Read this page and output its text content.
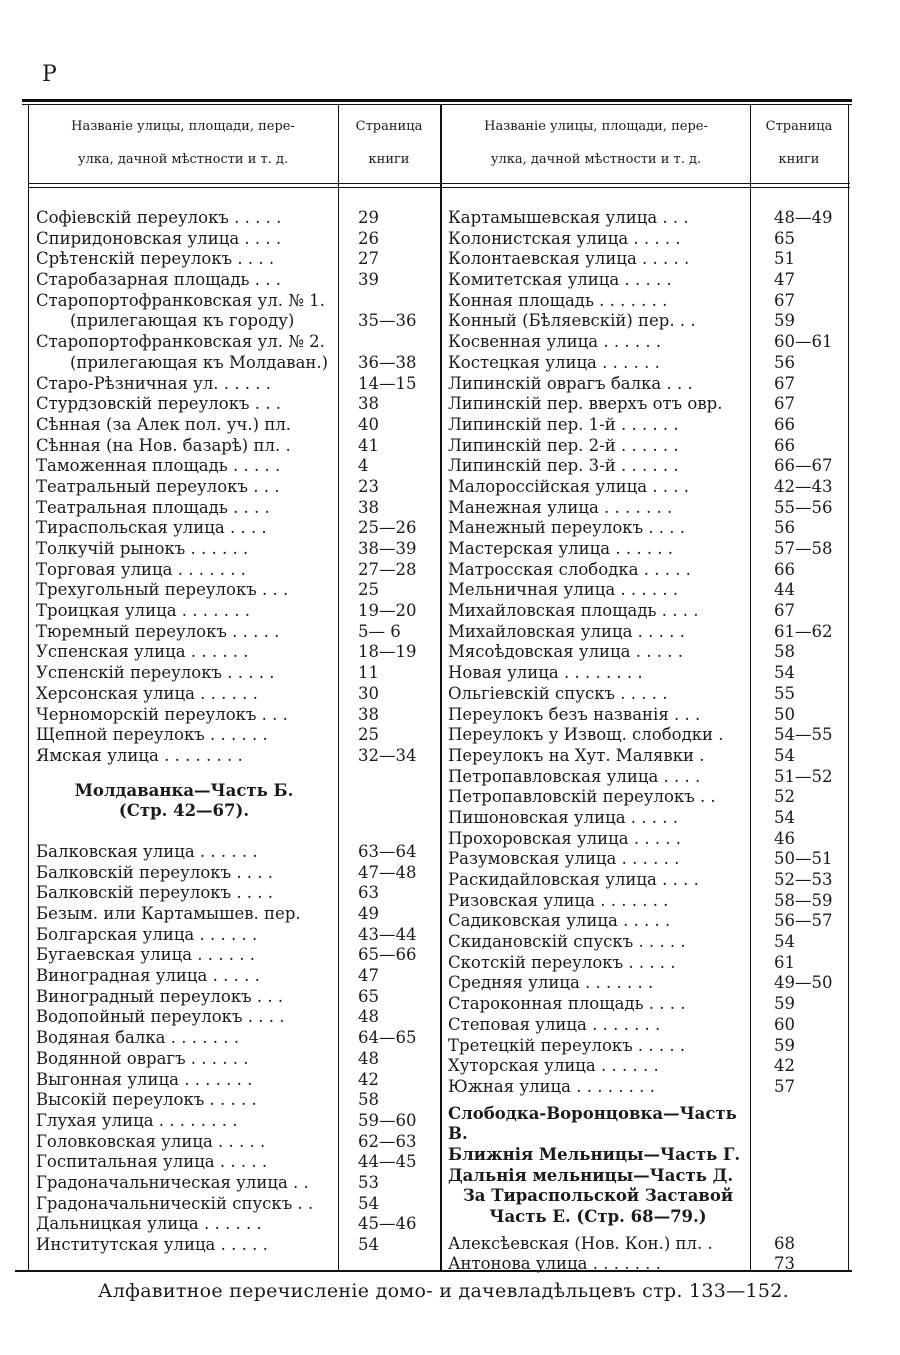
P
Названіе улицы, площади, пере-
улка, дачной мѣстности и т. д.
Страница
книги
Названіе улицы, площади, пере-
улка, дачной мѣстности и т. д.
Страница
книги
Софіевскій переулокъ . . . . .	29
Спиридоновская улица . . . .	26
Срѣтенскій переулокъ . . . .	27
Старобазарная площадь . . .	39
Старопортофранковская ул. № 1.
(прилегающая къ городу)	35—36
Старопортофранковская ул. № 2.
(прилегающая къ Молдаван.)	36—38
Старо-Рѣзничная ул. . . . . .	14—15
Стурдзовскій переулокъ . . .	38
Сѣнная (за Алек пол. уч.) пл.	40
Сѣнная (на Нов. базарѣ) пл. .	41
Таможенная площадь . . . . .	4
Театральный переулокъ . . .	23
Театральная площадь . . . .	38
Тираспольская улица . . . .	25—26
Толкучій рынокъ . . . . . .	38—39
Торговая улица . . . . . . .	27—28
Трехугольный переулокъ . . .	25
Троицкая улица . . . . . . .	19—20
Тюремный переулокъ . . . . .	5— 6
Успенская улица . . . . . .	18—19
Успенскій переулокъ . . . . .	11
Херсонская улица . . . . . .	30
Черноморскій переулокъ . . .	38
Щепной переулокъ . . . . . .	25
Ямская улица . . . . . . . .	32—34
Молдаванка—Часть Б.
(Стр. 42—67).
Балковская улица . . . . . .	63—64
Балковскій переулокъ . . . .	47—48
Балковскій переулокъ . . . .	63
Безым. или Картамышев. пер.	49
Болгарская улица . . . . . .	43—44
Бугаевская улица . . . . . .	65—66
Виноградная улица . . . . .	47
Виноградный переулокъ . . .	65
Водопойный переулокъ . . . .	48
Водяная балка . . . . . . .	64—65
Водянной оврагъ . . . . . .	48
Выгонная улица . . . . . . .	42
Высокій переулокъ . . . . .	58
Глухая улица . . . . . . . .	59—60
Головковская улица . . . . .	62—63
Госпитальная улица . . . . .	44—45
Градоначальническая улица . .	53
Градоначальническій спускъ . .	54
Дальницкая улица . . . . . .	45—46
Институтская улица . . . . .	54
Картамышевская улица . . .	48—49
Колонистская улица . . . . .	65
Колонтаевская улица . . . . .	51
Комитетская улица . . . . .	47
Конная площадь . . . . . . .	67
Конный (Бѣляевскій) пер. . .	59
Косвенная улица . . . . . .	60—61
Костецкая улица . . . . . .	56
Липинскій оврагъ балка . . .	67
Липинскій пер. вверхъ отъ овр.	67
Липинскій пер. 1-й . . . . . .	66
Липинскій пер. 2-й . . . . . .	66
Липинскій пер. 3-й . . . . . .	66—67
Малороссійская улица . . . .	42—43
Манежная улица . . . . . . .	55—56
Манежный переулокъ . . . .	56
Мастерская улица . . . . . .	57—58
Матросская слободка . . . . .	66
Мельничная улица . . . . . .	44
Михайловская площадь . . . .	67
Михайловская улица . . . . .	61—62
Мясоѣдовская улица . . . . .	58
Новая улица . . . . . . . .	54
Ольгіевскій спускъ . . . . .	55
Переулокъ безъ названія . . .	50
Переулокъ у Извощ. слободки .	54—55
Переулокъ на Хут. Малявки .	54
Петропавловская улица . . . .	51—52
Петропавловскій переулокъ . .	52
Пишоновская улица . . . . .	54
Прохоровская улица . . . . .	46
Разумовская улица . . . . . .	50—51
Раскидайловская улица . . . .	52—53
Ризовская улица . . . . . . .	58—59
Садиковская улица . . . . .	56—57
Скидановскій спускъ . . . . .	54
Скотскій переулокъ . . . . .	61
Средняя улица . . . . . . .	49—50
Староконная площадь . . . .	59
Степовая улица . . . . . . .	60
Третецкій переулокъ . . . . .	59
Хуторская улица . . . . . .	42
Южная улица . . . . . . . .	57
Слободка-Воронцовка—Часть В.
Ближнія Мельницы—Часть Г.
Дальнія мельницы—Часть Д.
За Тираспольской Заставой
Часть Е. (Стр. 68—79.)
Алексѣевская (Нов. Кон.) пл. .	68
Антонова улица . . . . . . .	73
Алфавитное перечисленіе домо- и дачевладѣльцевъ стр. 133—152.
